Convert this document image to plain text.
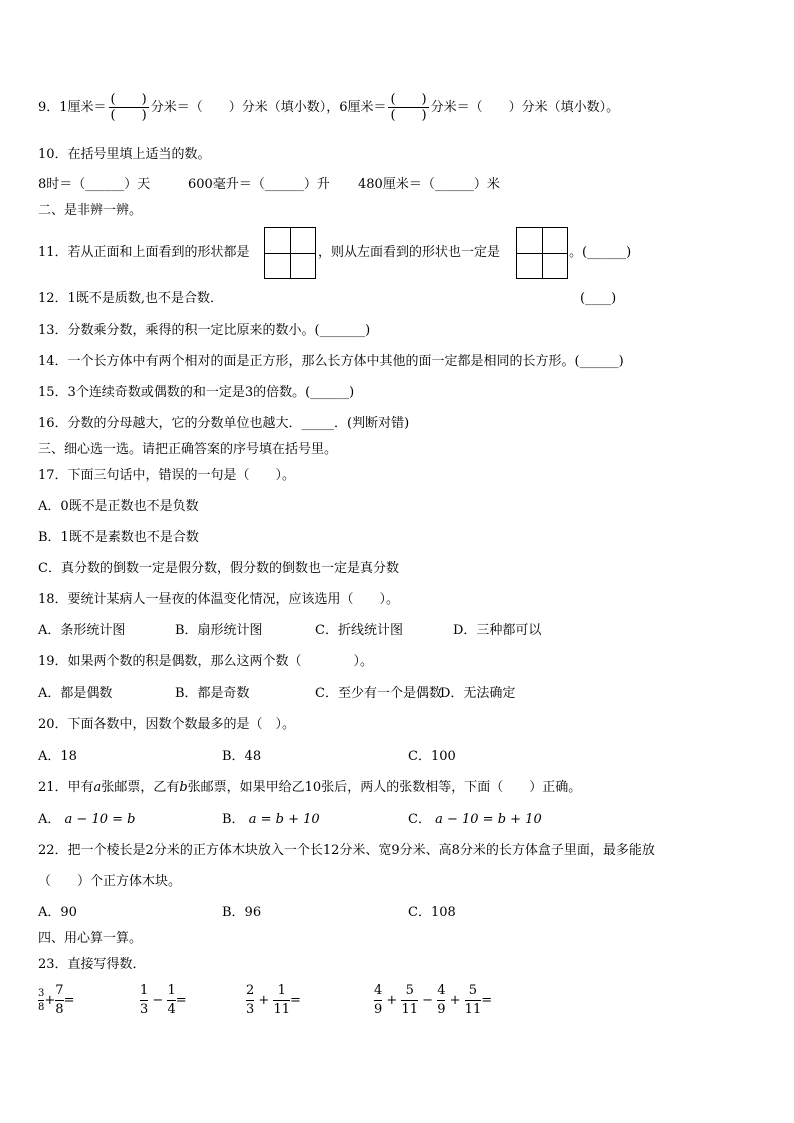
9．1厘米＝ $\frac{( )}{( )}$ 分米＝（　　）分米（填小数），6厘米＝ $\frac{( )}{( )}$ 分米＝（　　）分米（填小数）。
10．在括号里填上适当的数。
8时＝（______）天	600毫升＝（______）升 480厘米＝（______）米
二、是非辨一辨。
11．若从正面和上面看到的形状都是	，则从左面看到的形状也一定是	。(______)
12．1既不是质数,也不是合数．	(____)
13．分数乘分数，乘得的积一定比原来的数小。(_______)
14．一个长方体中有两个相对的面是正方形，那么长方体中其他的面一定都是相同的长方形。(______)
15．3个连续奇数或偶数的和一定是3的倍数。(______)
16．分数的分母越大，它的分数单位也越大．_____．(判断对错)
三、细心选一选。请把正确答案的序号填在括号里。
17．下面三句话中，错误的一句是（　　）。
A．0既不是正数也不是负数
B．1既不是素数也不是合数
C．真分数的倒数一定是假分数，假分数的倒数也一定是真分数
18．要统计某病人一昼夜的体温变化情况，应该选用（　　）。
A．条形统计图	B．扇形统计图	C．折线统计图	D．三种都可以
19．如果两个数的积是偶数，那么这两个数（　　　　）。
A．都是偶数	B．都是奇数	C．至少有一个是偶数
D．无法确定
20．下面各数中，因数个数最多的是（　）。
A．18	B．48	C．100
21．甲有a张邮票，乙有b张邮票，如果甲给乙10张后，两人的张数相等，下面（　　）正确。
A． a − 10 = b	B． a = b + 10	C． a − 10 = b + 10
22．把一个棱长是2分米的正方体木块放入一个长12分米、宽9分米、高8分米的长方体盒子里面，最多能放
（　　）个正方体木块。
A．90	B．96	C．108
四、用心算一算。
23．直接写得数．
$\frac{3}{8} + \frac{7}{8}$ =	$\frac{1}{3} - \frac{1}{4}$ =	$\frac{2}{3} + \frac{1}{11}$ =	$\frac{4}{9} + \frac{5}{11} - \frac{4}{9} + \frac{5}{11}$ =
